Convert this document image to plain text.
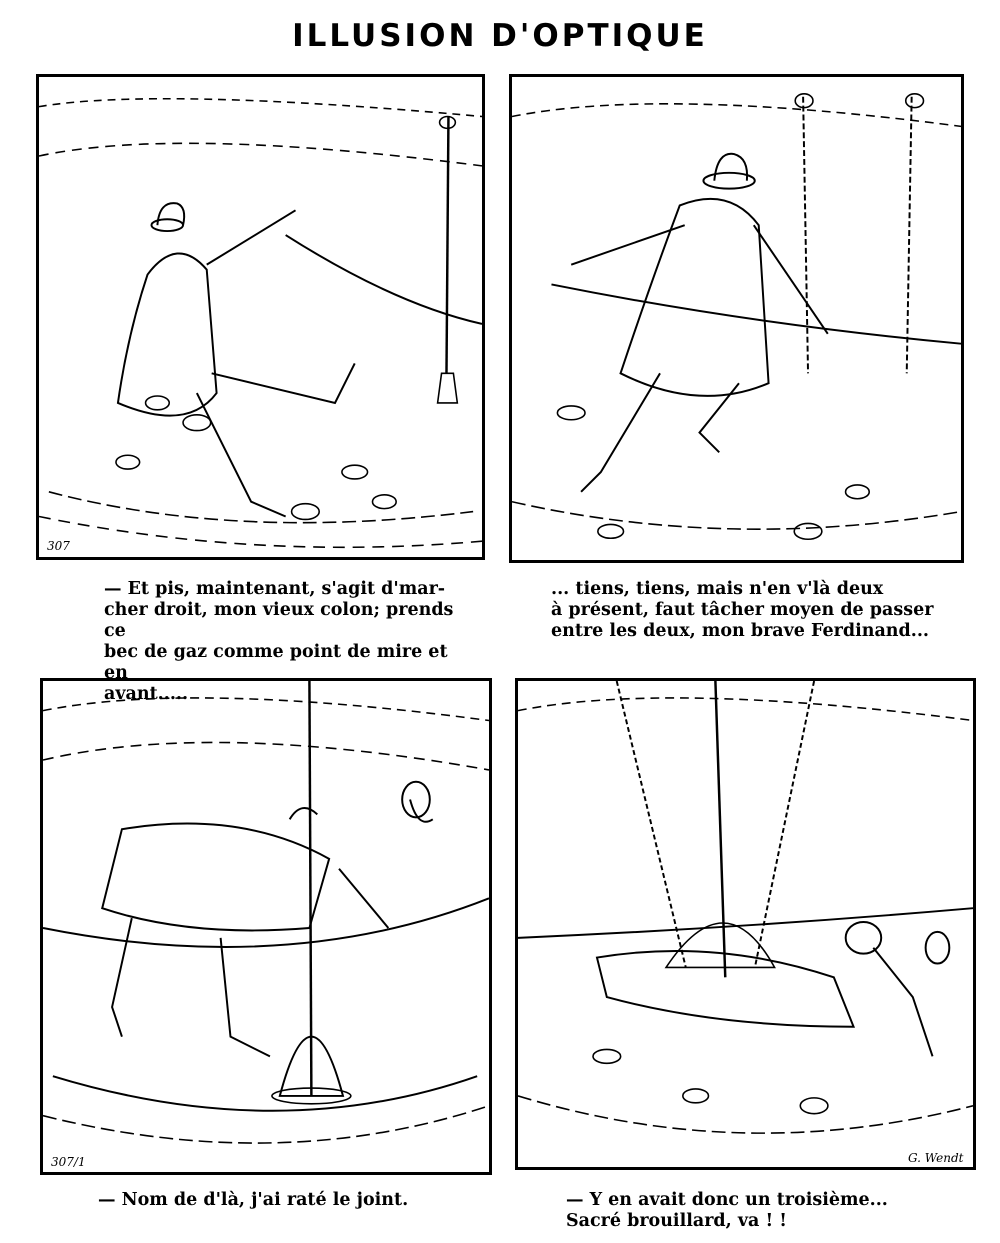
ILLUSION D'OPTIQUE
307
307/1	G. Wendt
— Et pis, maintenant, s'agit d'mar-
cher droit, mon vieux colon; prends ce
bec de gaz comme point de mire et en
avant.....
... tiens, tiens, mais n'en v'là deux
à présent, faut tâcher moyen de passer
entre les deux, mon brave Ferdinand...
— Nom de d'là, j'ai raté le joint.	— Y en avait donc un troisième...
Sacré brouillard, va ! !
